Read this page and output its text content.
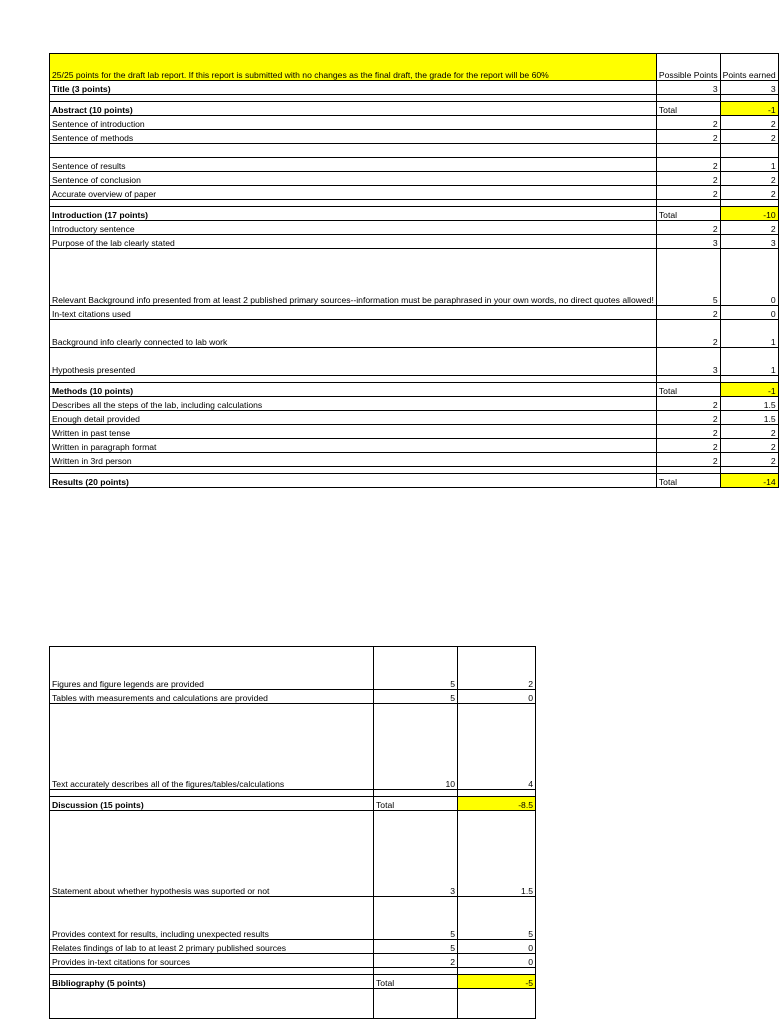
25/25 points for the draft lab report. If this report is submitted with no changes as the final draft, the grade for the report will be 60%	Possible Points	Points earned
Title (3 points)	3	3

Abstract (10 points)	Total	-1
Sentence of introduction	2	2
Sentence of methods	2	2

Sentence of results	2	1
Sentence of conclusion	2	2
Accurate overview of paper	2	2

Introduction (17 points)	Total	-10
Introductory sentence	2	2
Purpose of the lab clearly stated	3	3
Relevant Background info presented from at least 2 published primary sources--information must be paraphrased in your own words, no direct quotes allowed!	5	0
In-text citations used	2	0
Background info clearly connected to lab work	2	1
Hypothesis presented	3	1

Methods (10 points)	Total	-1
Describes all the steps of the lab, including calculations	2	1.5
Enough detail provided	2	1.5
Written in past tense	2	2
Written in paragraph format	2	2
Written in 3rd person	2	2

Results (20 points)	Total	-14
Figures and figure legends are provided	5	2
Tables with measurements and calculations are provided	5	0
Text accurately describes all of the figures/tables/calculations	10	4

Discussion (15 points)	Total	-8.5
Statement about whether hypothesis was suported or not	3	1.5
Provides context for results, including unexpected results	5	5
Relates findings of lab to at least 2 primary published sources	5	0
Provides in-text citations for sources	2	0

Bibliography (5 points)	Total	-5
